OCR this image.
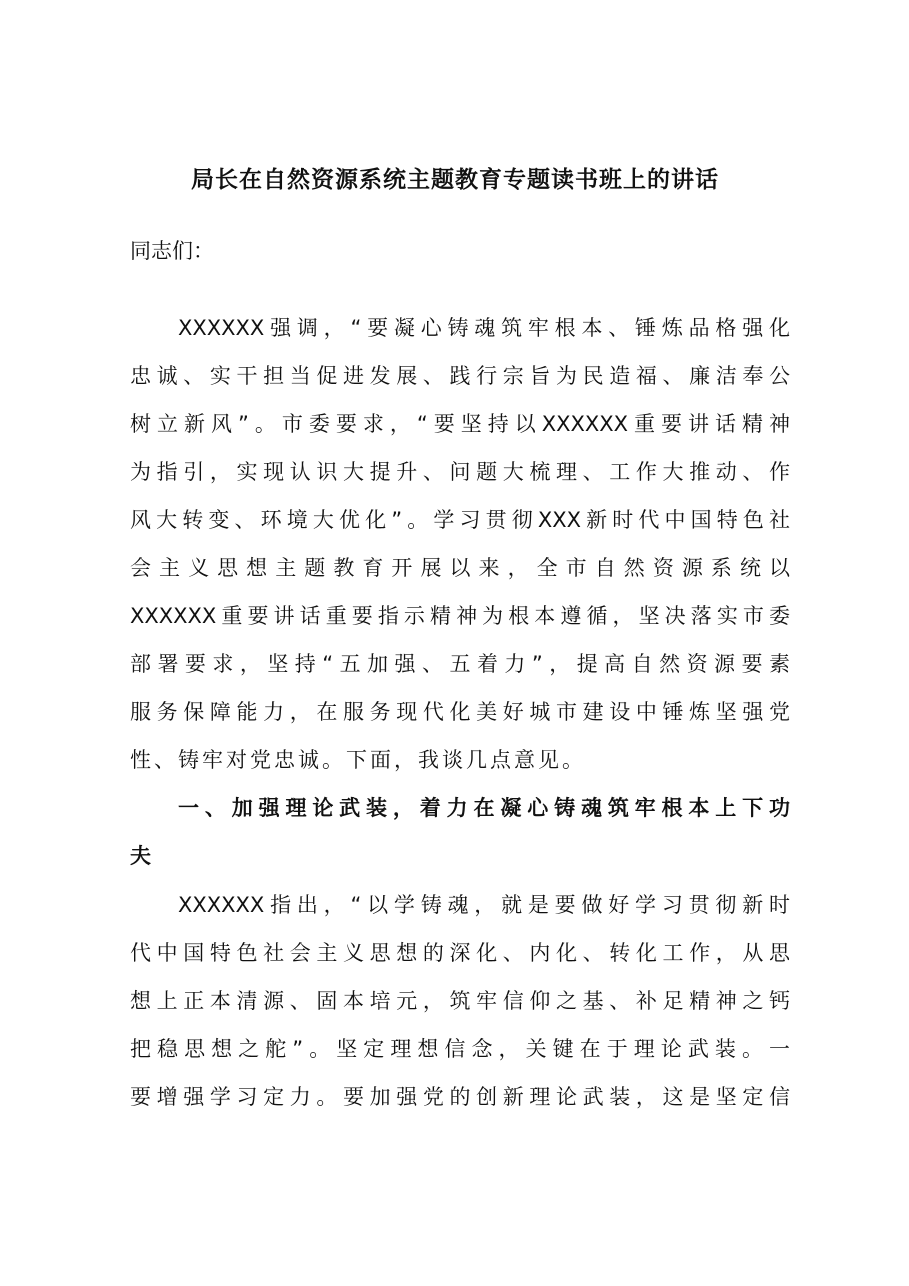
局长在自然资源系统主题教育专题读书班上的讲话

同志们：

XXXXXX强调，“要凝心铸魂筑牢根本、锤炼品格强化

忠诚、实干担当促进发展、践行宗旨为民造福、廉洁奉公

树立新风”。市委要求，“要坚持以XXXXXX重要讲话精神

为指引，实现认识大提升、问题大梳理、工作大推动、作

风大转变、环境大优化”。学习贯彻XXX新时代中国特色社

会主义思想主题教育开展以来，全市自然资源系统以

XXXXXX重要讲话重要指示精神为根本遵循，坚决落实市委

部署要求，坚持“五加强、五着力”，提高自然资源要素

服务保障能力，在服务现代化美好城市建设中锤炼坚强党

性、铸牢对党忠诚。下面，我谈几点意见。

一、加强理论武装，着力在凝心铸魂筑牢根本上下功

夫

XXXXXX指出，“以学铸魂，就是要做好学习贯彻新时

代中国特色社会主义思想的深化、内化、转化工作，从思

想上正本清源、固本培元，筑牢信仰之基、补足精神之钙

把稳思想之舵”。坚定理想信念，关键在于理论武装。一

要增强学习定力。要加强党的创新理论武装，这是坚定信
